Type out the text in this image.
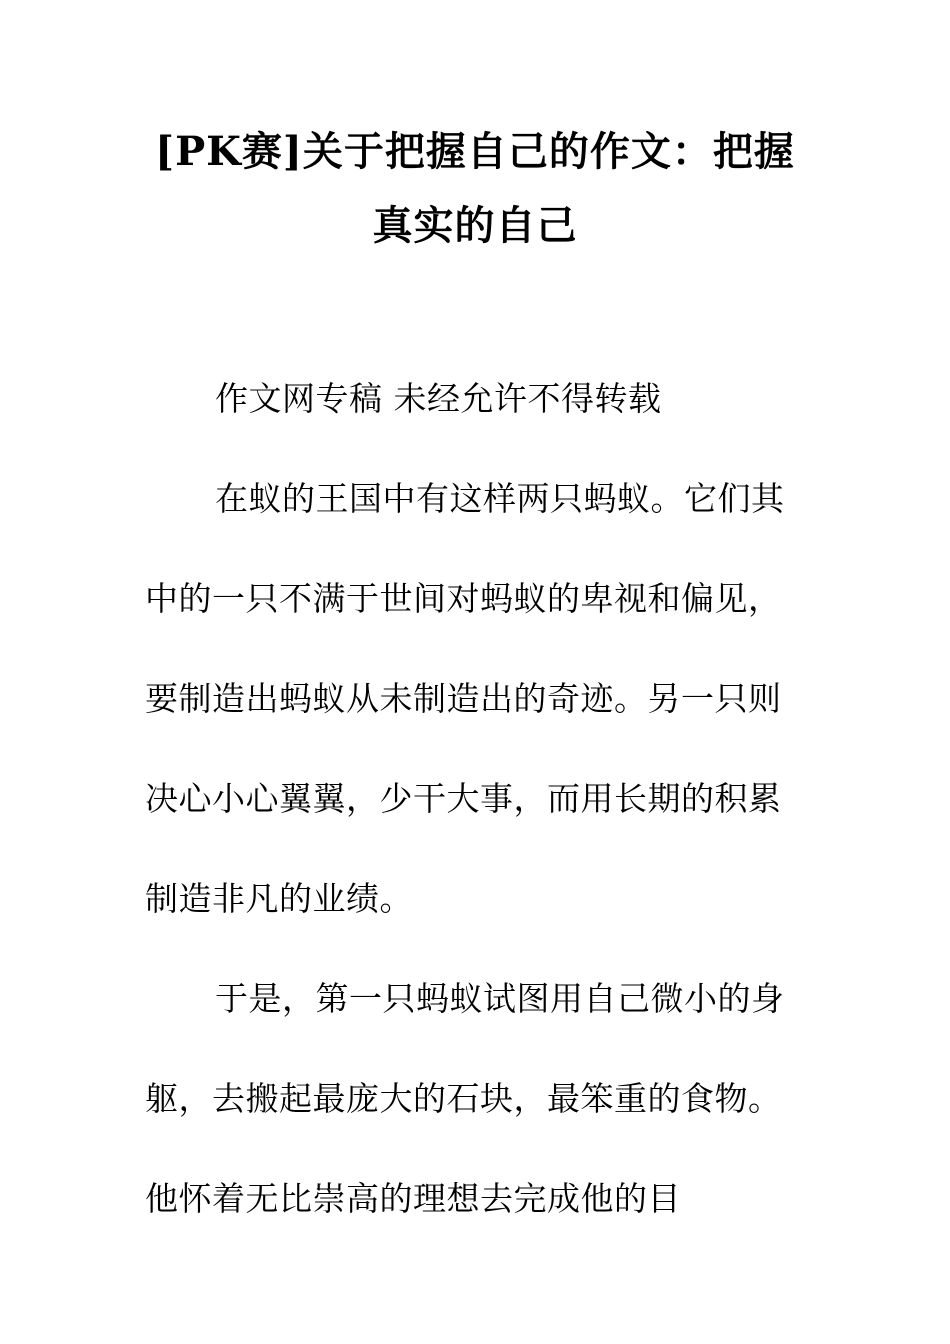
[PK赛]关于把握自己的作文：把握
真实的自己

作文网专稿 未经允许不得转载

在蚁的王国中有这样两只蚂蚁。它们其中的一只不满于世间对蚂蚁的卑视和偏见，要制造出蚂蚁从未制造出的奇迹。另一只则决心小心翼翼，少干大事，而用长期的积累制造非凡的业绩。

于是，第一只蚂蚁试图用自己微小的身躯，去搬起最庞大的石块，最笨重的食物。他怀着无比崇高的理想去完成他的目
